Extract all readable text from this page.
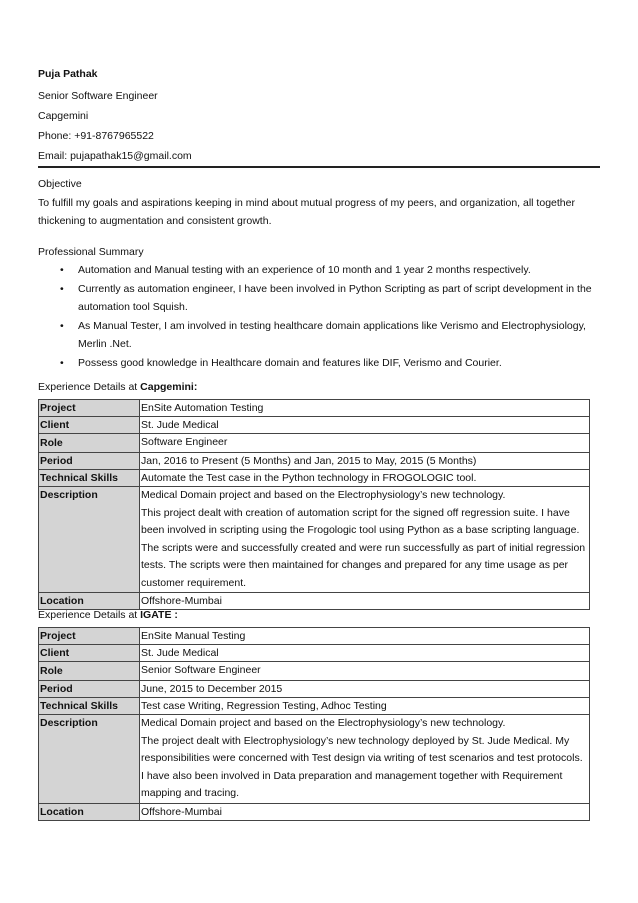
Puja Pathak
Senior Software Engineer
Capgemini
Phone: +91-8767965522
Email: pujapathak15@gmail.com
Objective
To fulfill my goals and aspirations keeping in mind about mutual progress of my peers, and organization, all together thickening to augmentation and consistent growth.
Professional Summary
• Automation and Manual testing with an experience of 10 month and 1 year 2 months respectively.
• Currently as automation engineer, I have been involved in Python Scripting as part of script development in the automation tool Squish.
• As Manual Tester, I am involved in testing healthcare domain applications like Verismo and Electrophysiology, Merlin .Net.
• Possess good knowledge in Healthcare domain and features like DIF, Verismo and Courier.
Experience Details at Capgemini:
Project	EnSite Automation Testing
Client	St. Jude Medical
Role	Software Engineer
Period	Jan, 2016 to Present (5 Months) and Jan, 2015 to May, 2015 (5 Months)
Technical Skills	Automate the Test case in the Python technology in FROGOLOGIC tool.
Description	Medical Domain project and based on the Electrophysiology’s new technology.
This project dealt with creation of automation script for the signed off regression suite. I have been involved in scripting using the Frogologic tool using Python as a base scripting language. The scripts were and successfully created and were run successfully as part of initial regression tests. The scripts were then maintained for changes and prepared for any time usage as per customer requirement.

Location	Offshore-Mumbai
Experience Details at IGATE :
Project	EnSite Manual Testing
Client	St. Jude Medical
Role	Senior Software Engineer
Period	June, 2015 to December 2015
Technical Skills	Test case Writing, Regression Testing, Adhoc Testing
Description	Medical Domain project and based on the Electrophysiology’s new technology.
The project dealt with Electrophysiology’s new technology deployed by St. Jude Medical. My responsibilities were concerned with Test design via writing of test scenarios and test protocols. I have also been involved in Data preparation and management together with Requirement mapping and tracing.

Location	Offshore-Mumbai
